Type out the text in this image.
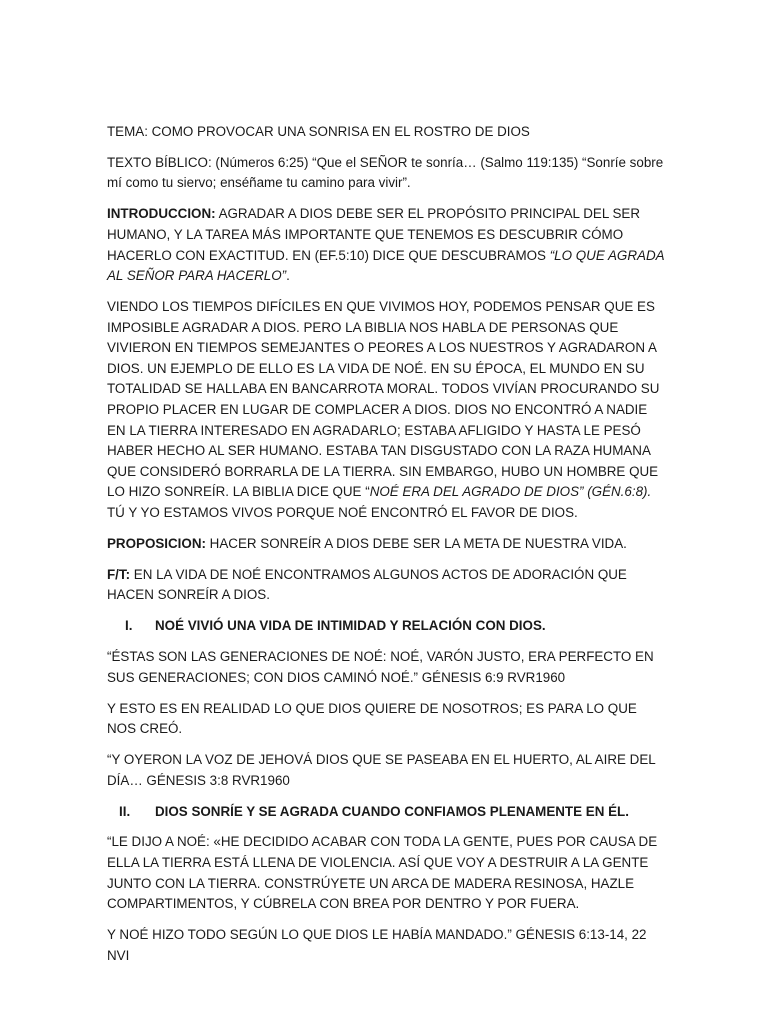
TEMA: COMO PROVOCAR UNA SONRISA EN EL ROSTRO DE DIOS

TEXTO BÍBLICO: (Números 6:25) “Que el SEÑOR te sonría… (Salmo 119:135) “Sonríe sobre mí como tu siervo; enséñame tu camino para vivir”.

INTRODUCCION: AGRADAR A DIOS DEBE SER EL PROPÓSITO PRINCIPAL DEL SER HUMANO, Y LA TAREA MÁS IMPORTANTE QUE TENEMOS ES DESCUBRIR CÓMO HACERLO CON EXACTITUD. EN (EF.5:10) DICE QUE DESCUBRAMOS “LO QUE AGRADA AL SEÑOR PARA HACERLO”.

VIENDO LOS TIEMPOS DIFÍCILES EN QUE VIVIMOS HOY, PODEMOS PENSAR QUE ES IMPOSIBLE AGRADAR A DIOS. PERO LA BIBLIA NOS HABLA DE PERSONAS QUE VIVIERON EN TIEMPOS SEMEJANTES O PEORES A LOS NUESTROS Y AGRADARON A DIOS. UN EJEMPLO DE ELLO ES LA VIDA DE NOÉ. EN SU ÉPOCA, EL MUNDO EN SU TOTALIDAD SE HALLABA EN BANCARROTA MORAL. TODOS VIVÍAN PROCURANDO SU PROPIO PLACER EN LUGAR DE COMPLACER A DIOS. DIOS NO ENCONTRÓ A NADIE EN LA TIERRA INTERESADO EN AGRADARLO; ESTABA AFLIGIDO Y HASTA LE PESÓ HABER HECHO AL SER HUMANO. ESTABA TAN DISGUSTADO CON LA RAZA HUMANA QUE CONSIDERÓ BORRARLA DE LA TIERRA. SIN EMBARGO, HUBO UN HOMBRE QUE LO HIZO SONREÍR. LA BIBLIA DICE QUE “NOÉ ERA DEL AGRADO DE DIOS” (GÉN.6:8). TÚ Y YO ESTAMOS VIVOS PORQUE NOÉ ENCONTRÓ EL FAVOR DE DIOS.

PROPOSICION: HACER SONREÍR A DIOS DEBE SER LA META DE NUESTRA VIDA.

F/T: EN LA VIDA DE NOÉ ENCONTRAMOS ALGUNOS ACTOS DE ADORACIÓN QUE HACEN SONREÍR A DIOS.

I.	NOÉ VIVIÓ UNA VIDA DE INTIMIDAD Y RELACIÓN CON DIOS.

“ÉSTAS SON LAS GENERACIONES DE NOÉ: NOÉ, VARÓN JUSTO, ERA PERFECTO EN SUS GENERACIONES; CON DIOS CAMINÓ NOÉ.” GÉNESIS 6:9 RVR1960

Y ESTO ES EN REALIDAD LO QUE DIOS QUIERE DE NOSOTROS; ES PARA LO QUE NOS CREÓ.

“Y OYERON LA VOZ DE JEHOVÁ DIOS QUE SE PASEABA EN EL HUERTO, AL AIRE DEL DÍA… GÉNESIS 3:8 RVR1960

II.	DIOS SONRÍE Y SE AGRADA CUANDO CONFIAMOS PLENAMENTE EN ÉL.

“LE DIJO A NOÉ: «HE DECIDIDO ACABAR CON TODA LA GENTE, PUES POR CAUSA DE ELLA LA TIERRA ESTÁ LLENA DE VIOLENCIA. ASÍ QUE VOY A DESTRUIR A LA GENTE JUNTO CON LA TIERRA. CONSTRÚYETE UN ARCA DE MADERA RESINOSA, HAZLE COMPARTIMENTOS, Y CÚBRELA CON BREA POR DENTRO Y POR FUERA.

Y NOÉ HIZO TODO SEGÚN LO QUE DIOS LE HABÍA MANDADO.” GÉNESIS 6:13-14, 22 NVI
